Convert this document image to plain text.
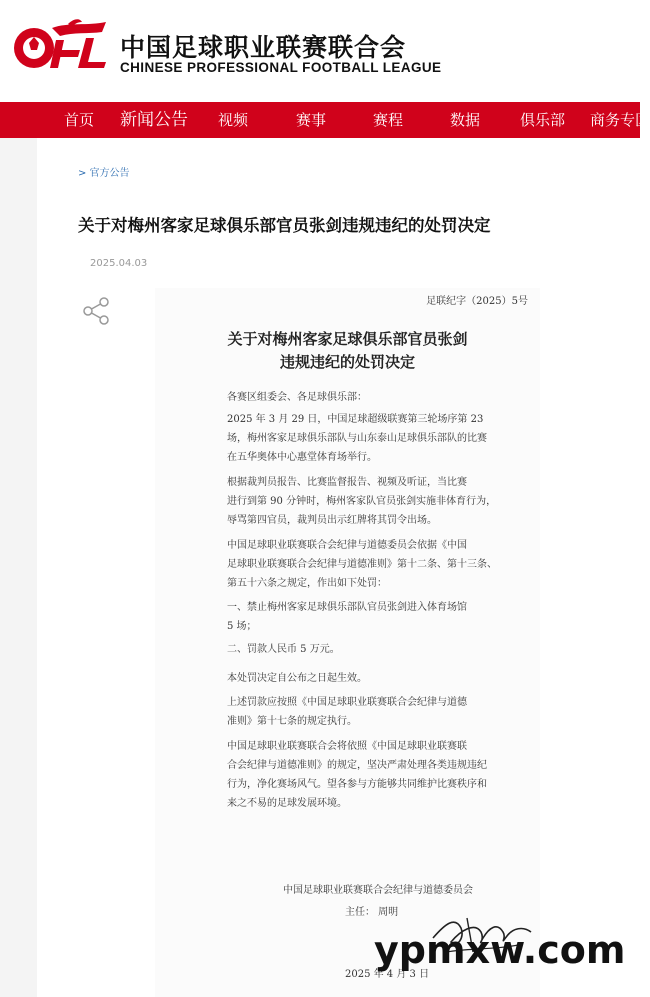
中国足球职业联赛联合会
CHINESE PROFESSIONAL FOOTBALL LEAGUE
首页 新闻公告 视频	赛事	赛程	数据	俱乐部 商务专区
> 官方公告
关于对梅州客家足球俱乐部官员张剑违规违纪的处罚决定
2025.04.03
足联纪字（2025）5号
关于对梅州客家足球俱乐部官员张剑
违规违纪的处罚决定
各赛区组委会、各足球俱乐部：
2025 年 3 月 29 日，中国足球超级联赛第三轮场序第 23
场，梅州客家足球俱乐部队与山东泰山足球俱乐部队的比赛
在五华奥体中心惠堂体育场举行。
根据裁判员报告、比赛监督报告、视频及听证，当比赛
进行到第 90 分钟时，梅州客家队官员张剑实施非体育行为，
辱骂第四官员，裁判员出示红牌将其罚令出场。
中国足球职业联赛联合会纪律与道德委员会依据《中国
足球职业联赛联合会纪律与道德准则》第十二条、第十三条、
第五十六条之规定，作出如下处罚：
一、禁止梅州客家足球俱乐部队官员张剑进入体育场馆
5 场；
二、罚款人民币 5 万元。
本处罚决定自公布之日起生效。
上述罚款应按照《中国足球职业联赛联合会纪律与道德
准则》第十七条的规定执行。
中国足球职业联赛联合会将依照《中国足球职业联赛联
合会纪律与道德准则》的规定，坚决严肃处理各类违规违纪
行为，净化赛场风气。望各参与方能够共同维护比赛秩序和
来之不易的足球发展环境。
中国足球职业联赛联合会纪律与道德委员会
主任： 周明
2025 年 4 月 3 日
ypmxw.com
